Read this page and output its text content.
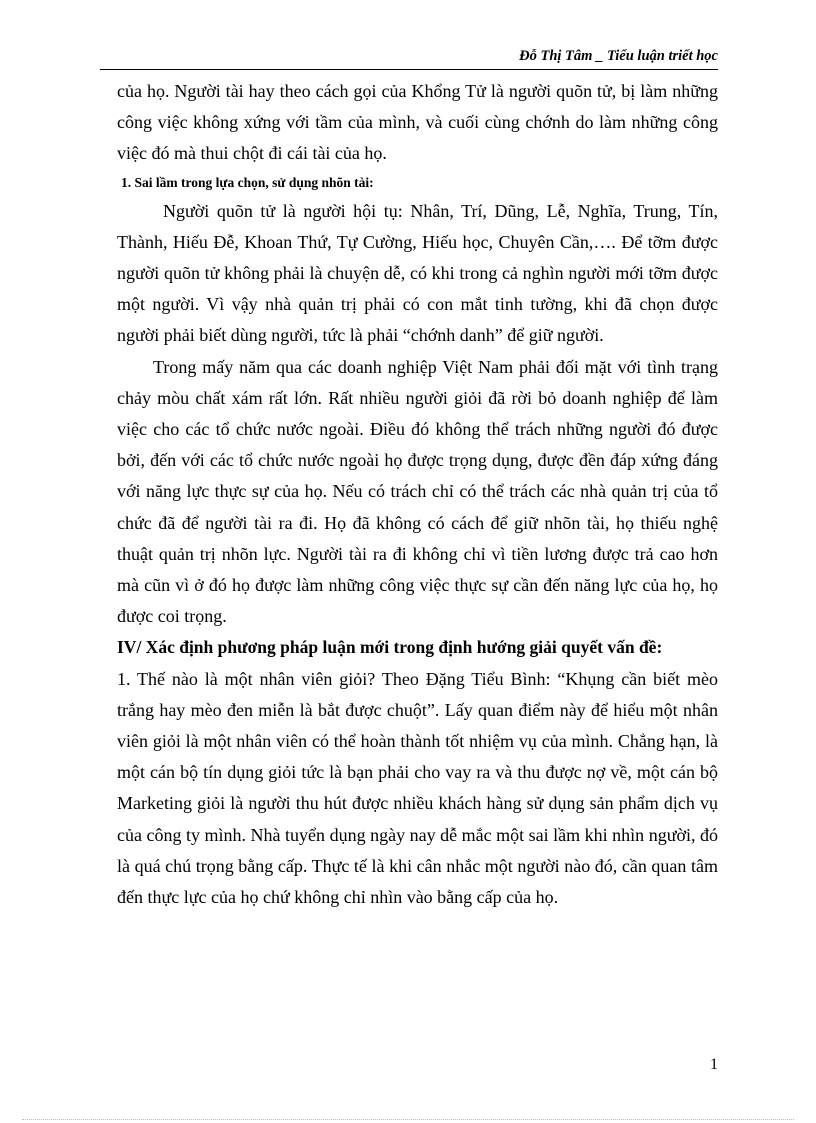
Đỗ Thị Tâm _ Tiểu luận triết học

của họ. Người tài hay theo cách gọi của Khổng Tử là người quõn tử, bị làm những công việc không xứng với tầm của mình, và cuối cùng chớnh do làm những công việc đó mà thui chột đi cái tài của họ.

1. Sai lầm trong lựa chọn, sử dụng nhõn tài:

Người quõn tử là người hội tụ: Nhân, Trí, Dũng, Lễ, Nghĩa, Trung, Tín, Thành, Hiếu Đễ, Khoan Thứ, Tự Cường, Hiếu học, Chuyên Cần,…. Để tỡm được người quõn tử không phải là chuyện dễ, có khi trong cả nghìn người mới tỡm được một người. Vì vậy nhà quản trị phải có con mắt tinh tường, khi đã chọn được người phải biết dùng người, tức là phải “chớnh danh” để giữ người.

Trong mấy năm qua các doanh nghiệp Việt Nam phải đối mặt với tình trạng chảy mòu chất xám rất lớn. Rất nhiều người giỏi đã rời bỏ doanh nghiệp để làm việc cho các tổ chức nước ngoài. Điều đó không thể trách những người đó được bởi, đến với các tổ chức nước ngoài họ được trọng dụng, được đền đáp xứng đáng với năng lực thực sự của họ. Nếu có trách chỉ có thể trách các nhà quản trị của tổ chức đã để người tài ra đi. Họ đã không có cách để giữ nhõn tài, họ thiếu nghệ thuật quản trị nhõn lực. Người tài ra đi không chỉ vì tiền lương được trả cao hơn mà cũn vì ở đó họ được làm những công việc thực sự cần đến năng lực của họ, họ được coi trọng.

IV/ Xác định phương pháp luận mới trong định hướng giải quyết vấn đề:

1. Thế nào là một nhân viên giỏi? Theo Đặng Tiểu Bình: “Khụng cần biết mèo trắng hay mèo đen miễn là bắt được chuột”. Lấy quan điểm này để hiểu một nhân viên giỏi là một nhân viên có thể hoàn thành tốt nhiệm vụ của mình. Chẳng hạn, là một cán bộ tín dụng giỏi tức là bạn phải cho vay ra và thu được nợ về, một cán bộ Marketing giỏi là người thu hút được nhiều khách hàng sử dụng sản phẩm dịch vụ của công ty mình. Nhà tuyển dụng ngày nay dễ mắc một sai lầm khi nhìn người, đó là quá chú trọng bằng cấp. Thực tế là khi cân nhắc một người nào đó, cần quan tâm đến thực lực của họ chứ không chỉ nhìn vào bằng cấp của họ.

1
